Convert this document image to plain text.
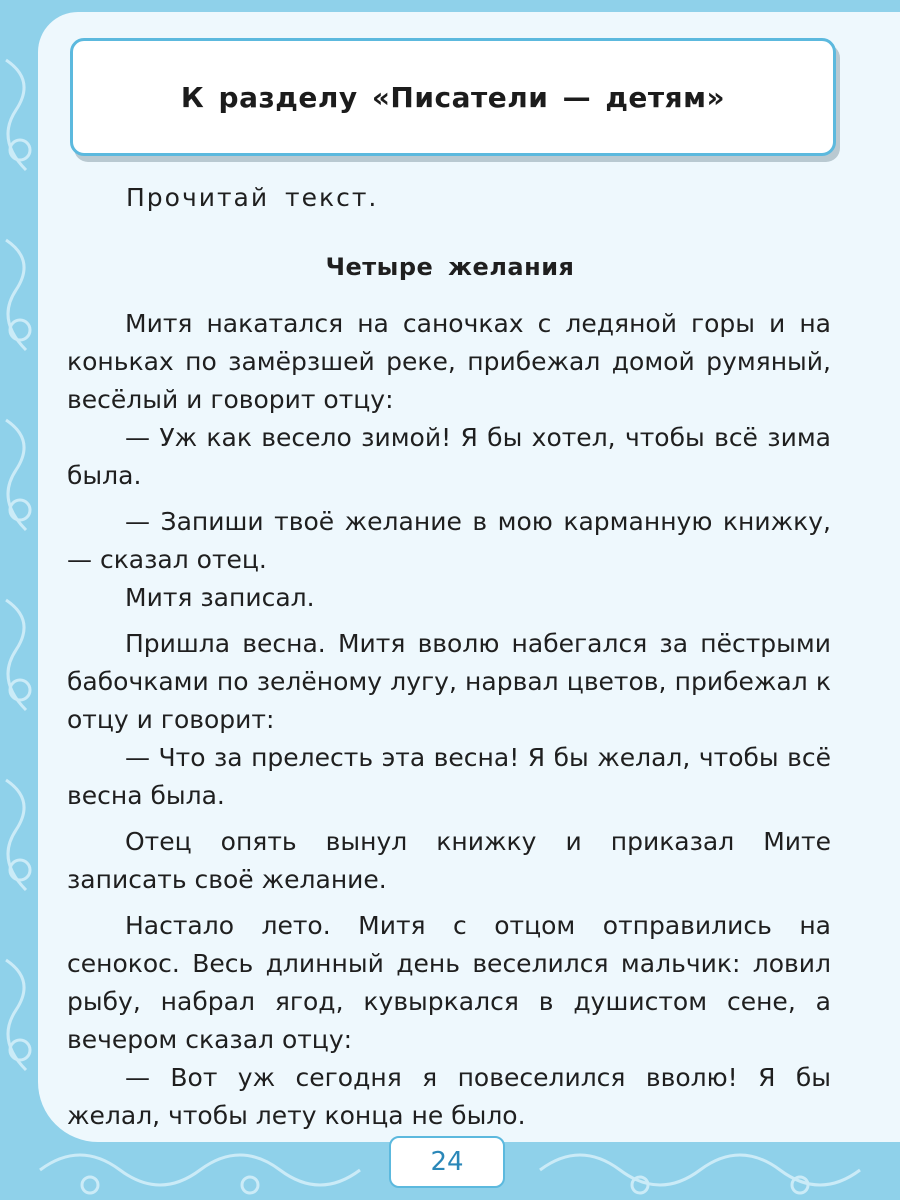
К разделу «Писатели — детям»
Прочитай текст.
Четыре желания

Митя накатался на саночках с ледяной горы и на коньках по замёрзшей реке, прибежал домой румяный, весёлый и говорит отцу:

— Уж как весело зимой! Я бы хотел, чтобы всё зима была.

— Запиши твоё желание в мою карманную книжку, — сказал отец.

Митя записал.

Пришла весна. Митя вволю набегался за пёстрыми бабочками по зелёному лугу, нарвал цветов, прибежал к отцу и говорит:

— Что за прелесть эта весна! Я бы желал, чтобы всё весна была.

Отец опять вынул книжку и приказал Мите записать своё желание.

Настало лето. Митя с отцом отправились на сенокос. Весь длинный день веселился мальчик: ловил рыбу, набрал ягод, кувыркался в душистом сене, а вечером сказал отцу:

— Вот уж сегодня я повеселился вволю! Я бы желал, чтобы лету конца не было.

24
